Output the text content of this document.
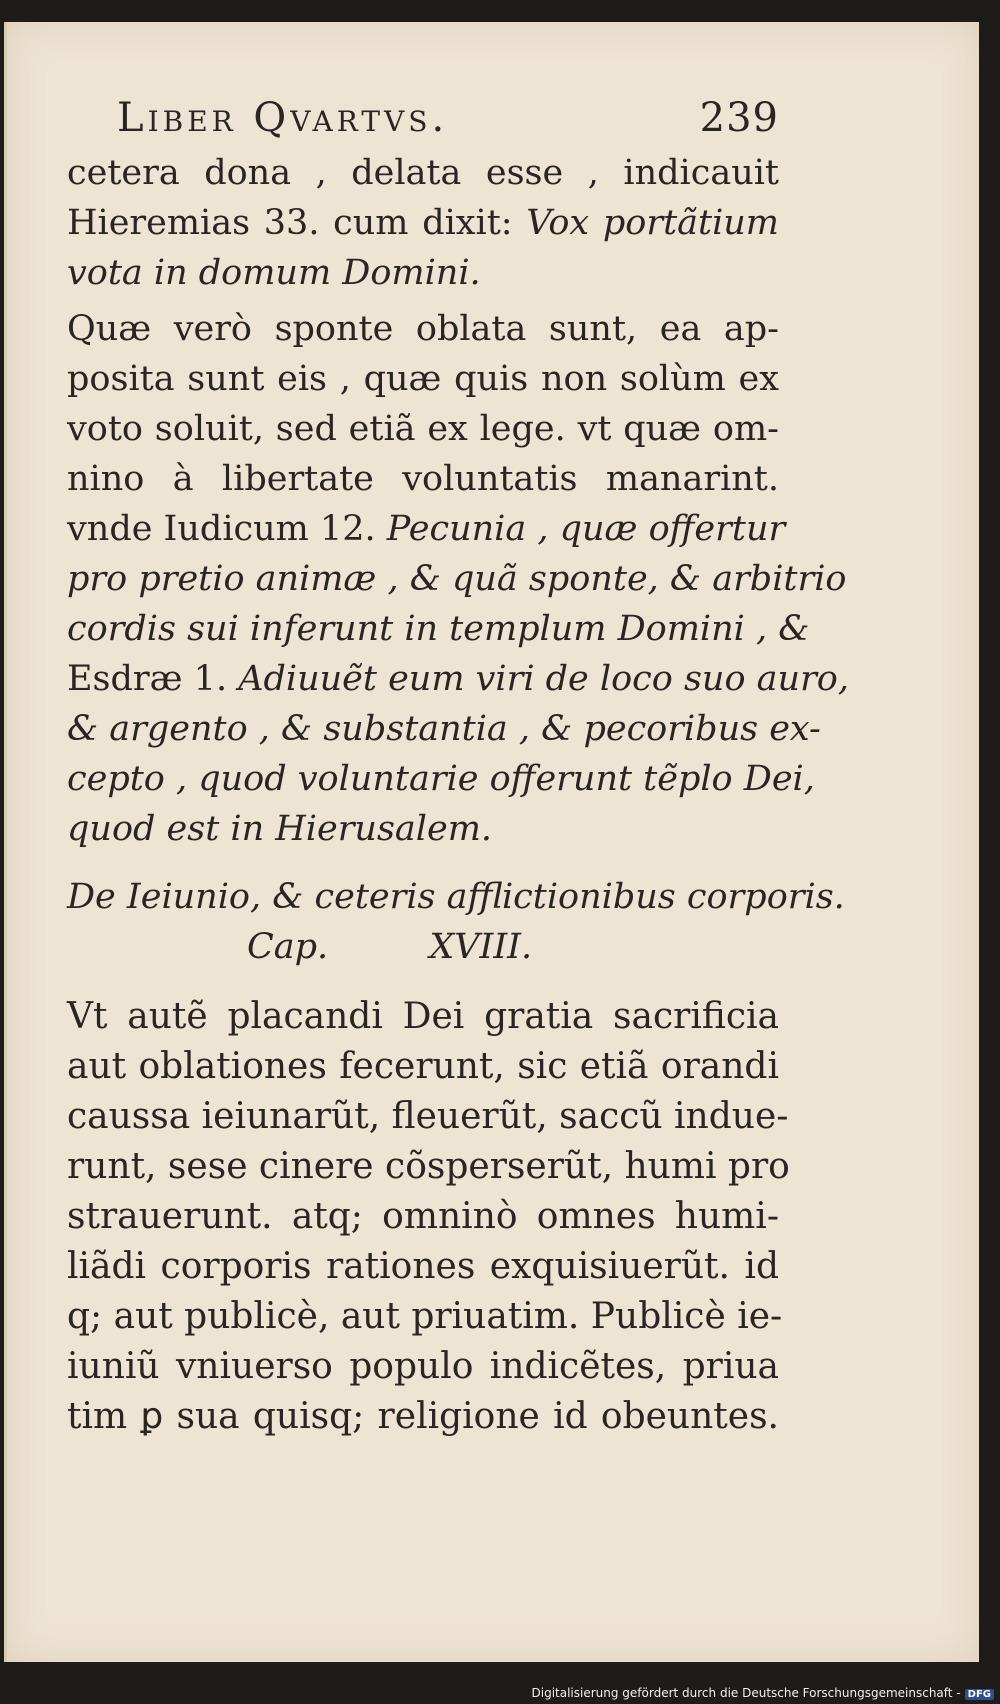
Liber Qvartvs.	239
cetera dona , delata esse , indicauit
Hieremias 33. cum dixit: Vox portãtium
vota in domum Domini.
Quæ verò sponte oblata sunt, ea ap-
posita sunt eis , quæ quis non solùm ex
voto soluit, sed etiã ex lege. vt quæ om-
nino à libertate voluntatis manarint.
vnde Iudicum 12. Pecunia , quæ offertur
pro pretio animæ , & quã sponte, & arbitrio
cordis sui inferunt in templum Domini , &
Esdræ 1. Adiuuẽt eum viri de loco suo auro,
& argento , & substantia , & pecoribus ex-
cepto , quod voluntarie offerunt tẽplo Dei,
quod est in Hierusalem.
De Ieiunio, & ceteris afflictionibus corporis.
Cap.	XVIII.
Vt autẽ placandi Dei gratia sacrificia
aut oblationes fecerunt, sic etiã orandi
caussa ieiunarũt, fleuerũt, saccũ indue-
runt, sese cinere cõsperserũt, humi pro
strauerunt. atq; omninò omnes humi-
liãdi corporis rationes exquisiuerũt. id
q; aut publicè, aut priuatim. Publicè ie-
iuniũ vniuerso populo indicẽtes, priua
tim ꝑ sua quisq; religione id obeuntes.
Digitalisierung gefördert durch die Deutsche Forschungsgemeinschaft - DFG
